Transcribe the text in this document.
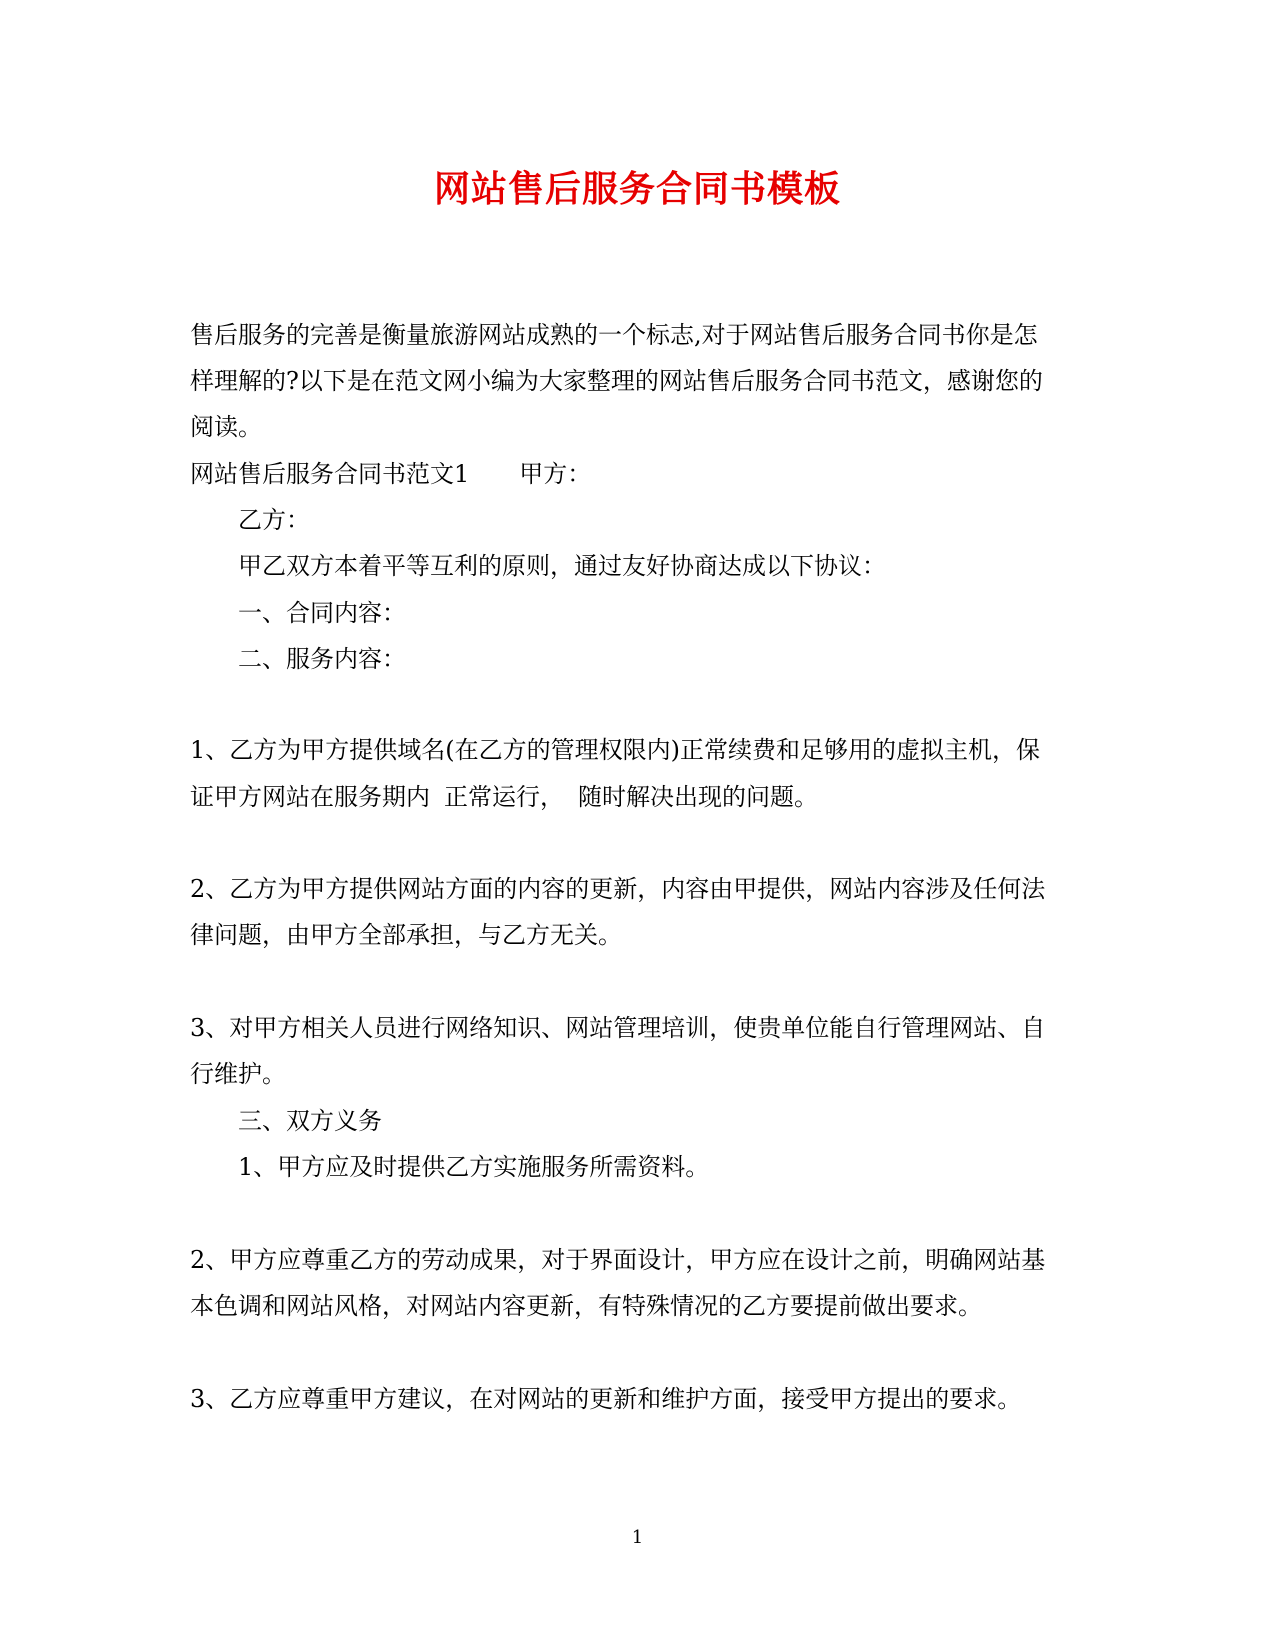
网站售后服务合同书模板

售后服务的完善是衡量旅游网站成熟的一个标志,对于网站售后服务合同书你是怎

样理解的?以下是在范文网小编为大家整理的网站售后服务合同书范文，感谢您的

阅读。

网站售后服务合同书范文1 甲方：

乙方：

甲乙双方本着平等互利的原则，通过友好协商达成以下协议：

一、合同内容：

二、服务内容：

1、乙方为甲方提供域名(在乙方的管理权限内)正常续费和足够用的虚拟主机，保

证甲方网站在服务期内 正常运行， 随时解决出现的问题。

2、乙方为甲方提供网站方面的内容的更新，内容由甲提供，网站内容涉及任何法

律问题，由甲方全部承担，与乙方无关。

3、对甲方相关人员进行网络知识、网站管理培训，使贵单位能自行管理网站、自

行维护。

三、双方义务

1、甲方应及时提供乙方实施服务所需资料。

2、甲方应尊重乙方的劳动成果，对于界面设计，甲方应在设计之前，明确网站基

本色调和网站风格，对网站内容更新，有特殊情况的乙方要提前做出要求。

3、乙方应尊重甲方建议，在对网站的更新和维护方面，接受甲方提出的要求。

1
